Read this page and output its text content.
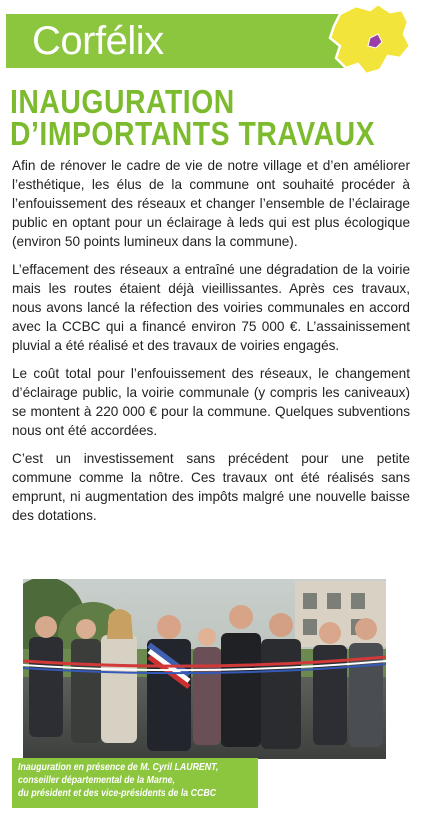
Corfélix
INAUGURATION
D’IMPORTANTS TRAVAUX

Afin de rénover le cadre de vie de notre village et d’en améliorer l’esthétique, les élus de la commune ont souhaité procéder à l’enfouissement des réseaux et changer l’ensemble de l’éclairage public en optant pour un éclairage à leds qui est plus écologique (environ 50 points lumineux dans la commune).

L’effacement des réseaux a entraîné une dégradation de la voirie mais les routes étaient déjà vieillissantes. Après ces travaux, nous avons lancé la réfection des voiries communales en accord avec la CCBC qui a financé environ 75 000 €. L’assainissement pluvial a été réalisé et des travaux de voiries engagés.

Le coût total pour l’enfouissement des réseaux, le changement d’éclairage public, la voirie communale (y compris les caniveaux) se montent à 220 000 € pour la commune. Quelques subventions nous ont été accordées.

C’est un investissement sans précédent pour une petite commune comme la nôtre. Ces travaux ont été réalisés sans emprunt, ni augmentation des impôts malgré une nouvelle baisse des dotations.

Inauguration en présence de M. Cyril LAURENT,

conseiller départemental de la Marne,

du président et des vice-présidents de la CCBC
